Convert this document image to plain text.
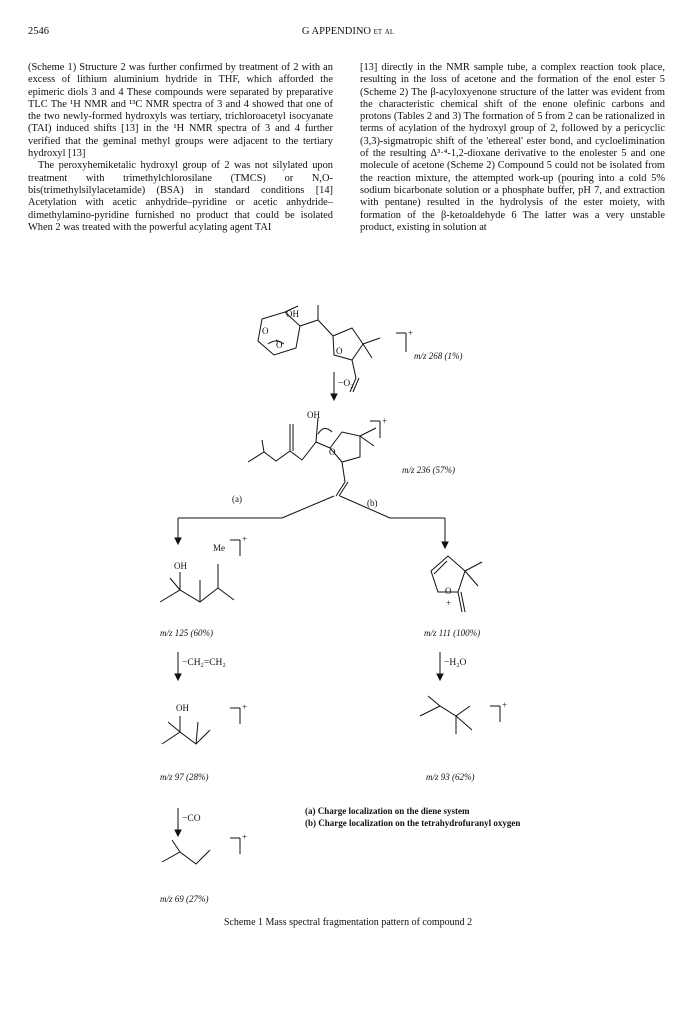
2546	G APPENDINO et al

(Scheme 1) Structure 2 was further confirmed by treatment of 2 with an excess of lithium aluminium hydride in THF, which afforded the epimeric diols 3 and 4 These compounds were separated by preparative TLC The ¹H NMR and ¹³C NMR spectra of 3 and 4 showed that one of the two newly-formed hydroxyls was tertiary, trichloroacetyl isocyanate (TAI) induced shifts [13] in the ¹H NMR spectra of 3 and 4 further verified that the geminal methyl groups were adjacent to the tertiary hydroxyl [13]

The peroxyhemiketalic hydroxyl group of 2 was not silylated upon treatment with trimethylchlorosilane (TMCS) or N,O-bis(trimethylsilylacetamide) (BSA) in standard conditions [14] Acetylation with acetic anhydride–pyridine or acetic anhydride–dimethylamino-pyridine furnished no product that could be isolated When 2 was treated with the powerful acylating agent TAI

[13] directly in the NMR sample tube, a complex reaction took place, resulting in the loss of acetone and the formation of the enol ester 5 (Scheme 2) The β-acyloxyenone structure of the latter was evident from the characteristic chemical shift of the enone olefinic carbons and protons (Tables 2 and 3) The formation of 5 from 2 can be rationalized in terms of acylation of the hydroxyl group of 2, followed by a pericyclic (3,3)-sigmatropic shift of the 'ethereal' ester bond, and cycloelimination of the resulting Δ³·⁴-1,2-dioxane derivative to the enolester 5 and one molecule of acetone (Scheme 2) Compound 5 could not be isolated from the reaction mixture, the attempted work-up (pouring into a cold 5% sodium bicarbonate solution or a phosphate buffer, pH 7, and extraction with pentane) resulted in the hydrolysis of the ester moiety, with formation of the β-ketoaldehyde 6 The latter was a very unstable product, existing in solution at

OH
O
O
O
+
m/z 268 (1%)
−O₂
OH
O
+
m/z 236 (57%)
(a)	(b)
OH
Me
+
m/z 125 (60%)
O
+
m/z 111 (100%)
−CH₂=CH₂	−H₂O
OH	+
m/z 97 (28%)
+
m/z 93 (62%)
−CO
+
m/z 69 (27%)
(a) Charge localization on the diene system
(b) Charge localization on the tetrahydrofuranyl oxygen
Scheme 1 Mass spectral fragmentation pattern of compound 2
